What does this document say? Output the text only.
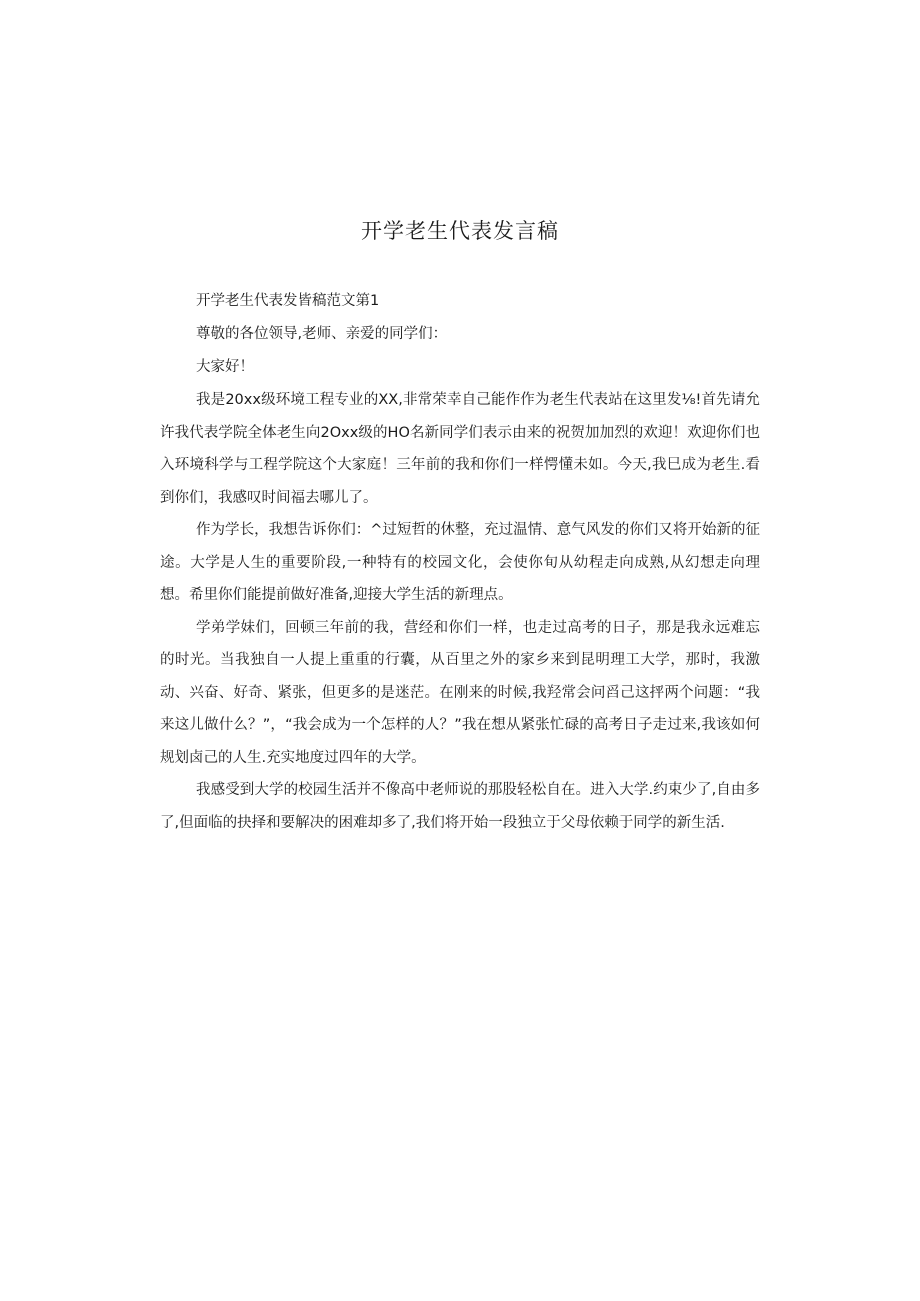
开学老生代表发言稿

开学老生代表发皆稿范文第1

尊敬的各位领导,老师、亲爱的同学们：

大家好！

我是20xx级环境工程专业的XX,非常荣幸自己能作作为老生代表站在这里发⅛!首先请允许我代表学院全体老生向2Oxx级的HO名新同学们表示由来的祝贺加加烈的欢迎！欢迎你们也入环境科学与工程学院这个大家庭！三年前的我和你们一样愕懂未如。今天,我巳成为老生.看到你们，我感叹时间福去哪儿了。

作为学长，我想告诉你们：^过短哲的休整，充过温情、意气风发的你们又将开始新的征途。大学是人生的重要阶段,一种特有的校园文化，会使你旬从幼程走向成熟,从幻想走向理想。希里你们能提前做好准备,迎接大学生活的新理点。

学弟学妹们，回顿三年前的我，营经和你们一样，也走过高考的日子，那是我永远难忘的时光。当我独自一人提上重重的行囊，从百里之外的家乡来到昆明理工大学，那时，我激动、兴奋、好奇、紧张，但更多的是迷茫。在刚来的时候,我羟常会问舀己这抨两个问题：“我来这儿做什么？”，“我会成为一个怎样的人？”我在想从紧张忙碌的高考日子走过来,我该如何规划卤己的人生.充实地度过四年的大学。

我感受到大学的校园生活并不像高中老师说的那股轻松自在。进入大学.约束少了,自由多了,但面临的抉择和要解决的困难却多了,我们将开始一段独立于父母依赖于同学的新生活.
